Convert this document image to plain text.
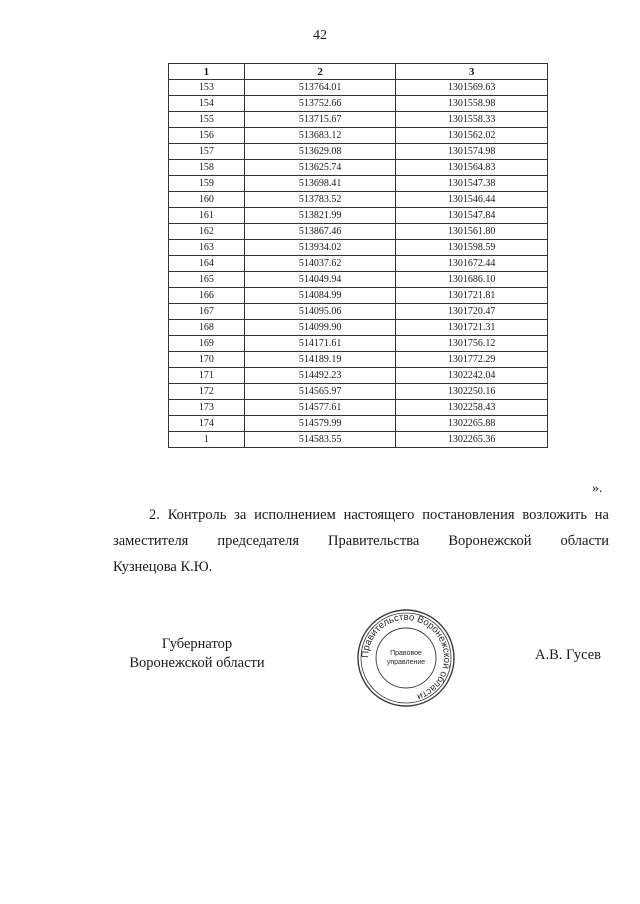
42
1	2	3
153	513764.01	1301569.63
154	513752.66	1301558.98
155	513715.67	1301558.33
156	513683.12	1301562.02
157	513629.08	1301574.98
158	513625.74	1301564.83
159	513698.41	1301547.38
160	513783.52	1301546.44
161	513821.99	1301547.84
162	513867.46	1301561.80
163	513934.02	1301598.59
164	514037.62	1301672.44
165	514049.94	1301686.10
166	514084.99	1301721.81
167	514095.06	1301720.47
168	514099.90	1301721.31
169	514171.61	1301756.12
170	514189.19	1301772.29
171	514492.23	1302242.04
172	514565.97	1302250.16
173	514577.61	1302258.43
174	514579.99	1302265.88
1	514583.55	1302265.36
».
2. Контроль за исполнением настоящего постановления возложить на
заместителя председателя Правительства Воронежской области
Кузнецова К.Ю.
Губернатор
Воронежской области
Правительство Воронежской области
Правовое
управление	А.В. Гусев
